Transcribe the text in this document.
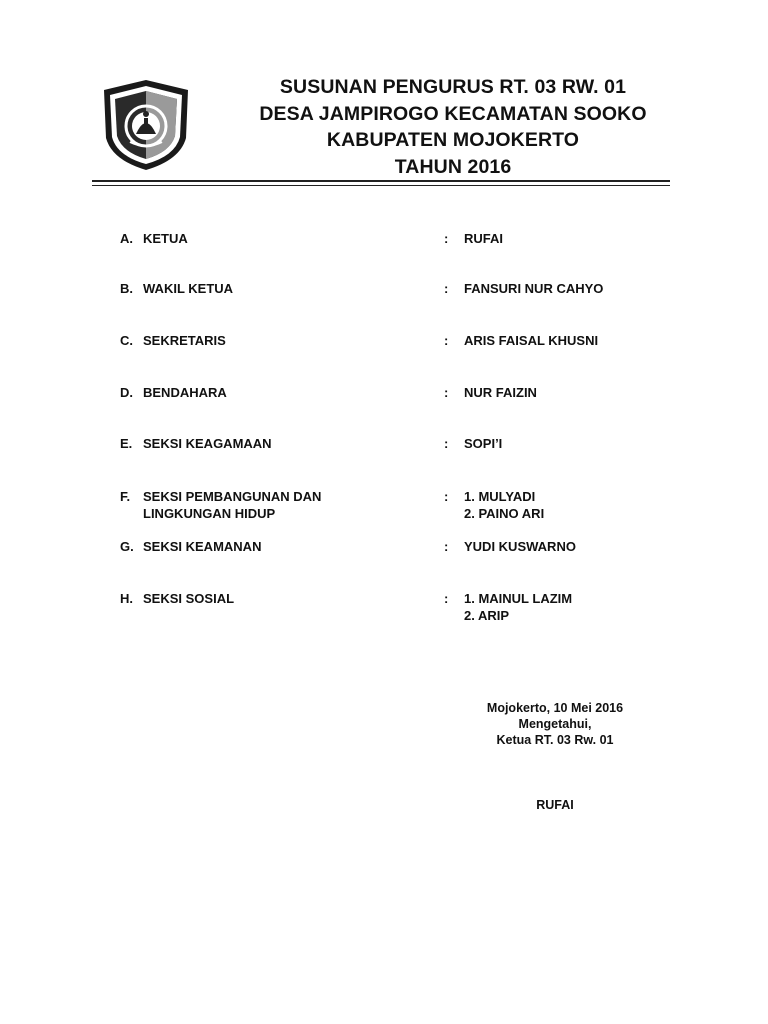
SUSUNAN PENGURUS RT. 03 RW. 01
DESA JAMPIROGO KECAMATAN SOOKO
KABUPATEN MOJOKERTO
TAHUN 2016
A. KETUA	: RUFAI
B. WAKIL KETUA	: FANSURI NUR CAHYO
C. SEKRETARIS	: ARIS FAISAL KHUSNI
D. BENDAHARA	: NUR FAIZIN
E. SEKSI KEAGAMAAN	: SOPI’I
F. SEKSI PEMBANGUNAN DAN
LINGKUNGAN HIDUP
: 1. MULYADI
2. PAINO ARI
G. SEKSI KEAMANAN	: YUDI KUSWARNO
H. SEKSI SOSIAL	: 1. MAINUL LAZIM
2. ARIP
Mojokerto, 10 Mei 2016
Mengetahui,
Ketua RT. 03 Rw. 01
RUFAI
